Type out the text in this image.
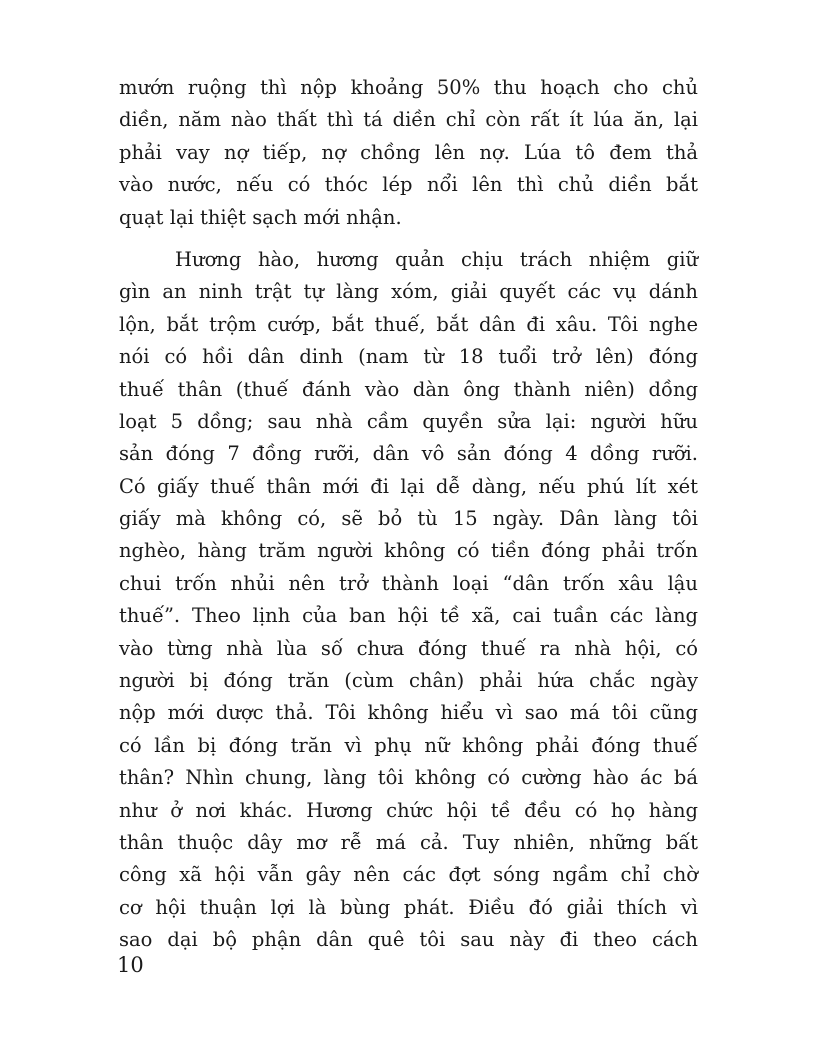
mướn ruộng thì nộp khoảng 50% thu hoạch cho chủ
diền, năm nào thất thì tá diền chỉ còn rất ít lúa ăn, lại
phải vay nợ tiếp, nợ chồng lên nợ. Lúa tô đem thả
vào nước, nếu có thóc lép nổi lên thì chủ diền bắt
quạt lại thiệt sạch mới nhận.
Hương hào, hương quản chịu trách nhiệm giữ
gìn an ninh trật tự làng xóm, giải quyết các vụ dánh
lộn, bắt trộm cướp, bắt thuế, bắt dân đi xâu. Tôi nghe
nói có hồi dân dinh (nam từ 18 tuổi trở lên) đóng
thuế thân (thuế đánh vào dàn ông thành niên) dồng
loạt 5 dồng; sau nhà cầm quyền sửa lại: người hữu
sản đóng 7 đồng rưỡi, dân vô sản đóng 4 dồng rưỡi.
Có giấy thuế thân mới đi lại dễ dàng, nếu phú lít xét
giấy mà không có, sẽ bỏ tù 15 ngày. Dân làng tôi
nghèo, hàng trăm người không có tiền đóng phải trốn
chui trốn nhủi nên trở thành loại “dân trốn xâu lậu
thuế”. Theo lịnh của ban hội tề xã, cai tuần các làng
vào từng nhà lùa số chưa đóng thuế ra nhà hội, có
người bị đóng trăn (cùm chân) phải hứa chắc ngày
nộp mới dược thả. Tôi không hiểu vì sao má tôi cũng
có lần bị đóng trăn vì phụ nữ không phải đóng thuế
thân? Nhìn chung, làng tôi không có cường hào ác bá
như ở nơi khác. Hương chức hội tề đều có họ hàng
thân thuộc dây mơ rễ má cả. Tuy nhiên, những bất
công xã hội vẫn gây nên các đợt sóng ngầm chỉ chờ
cơ hội thuận lợi là bùng phát. Điều đó giải thích vì
sao dại bộ phận dân quê tôi sau này đi theo cách
10
